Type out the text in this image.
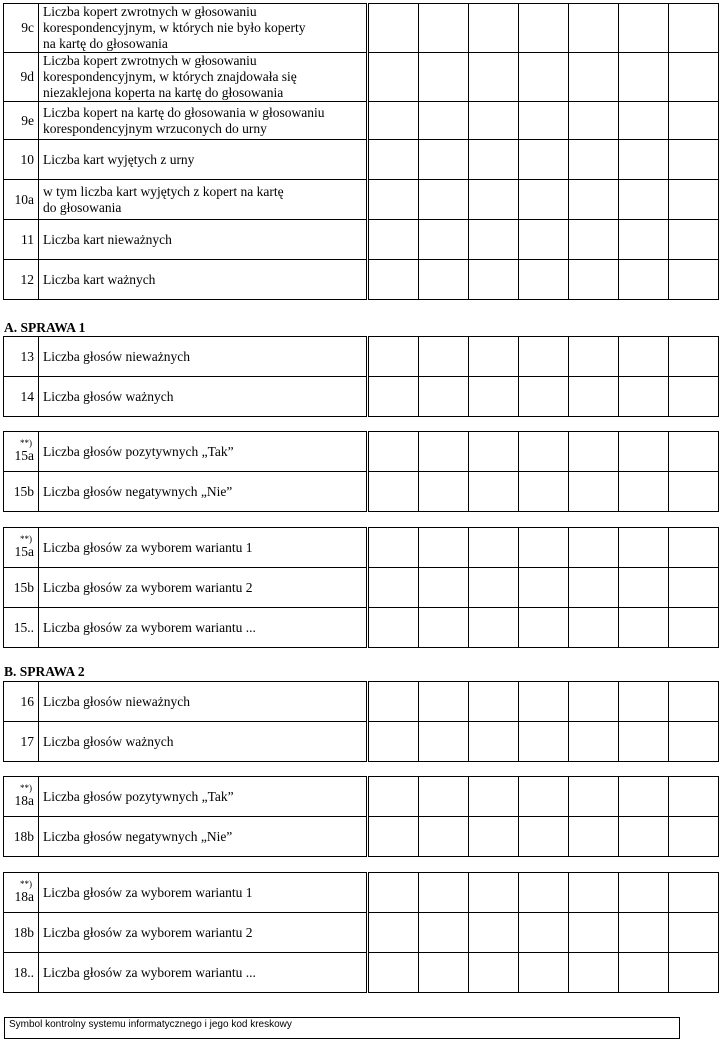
9c	Liczba kopert zwrotnych w głosowaniu
korespondencyjnym, w których nie było koperty
na kartę do głosowania								

9d	Liczba kopert zwrotnych w głosowaniu
korespondencyjnym, w których znajdowała się
niezaklejona koperta na kartę do głosowania								

9e	Liczba kopert na kartę do głosowania w głosowaniu
korespondencyjnym wrzuconych do urny								

10	Liczba kart wyjętych z urny								

10a	w tym liczba kart wyjętych z kopert na kartę
do głosowania								

11	Liczba kart nieważnych								

12	Liczba kart ważnych								
13	Liczba głosów nieważnych								

14	Liczba głosów ważnych								
**)
15a	Liczba głosów pozytywnych „Tak”								

15b	Liczba głosów negatywnych „Nie”								
**)
15a	Liczba głosów za wyborem wariantu 1								

15b	Liczba głosów za wyborem wariantu 2								

15..	Liczba głosów za wyborem wariantu ...								
16	Liczba głosów nieważnych								

17	Liczba głosów ważnych								
**)
18a	Liczba głosów pozytywnych „Tak”								

18b	Liczba głosów negatywnych „Nie”								
**)
18a	Liczba głosów za wyborem wariantu 1								

18b	Liczba głosów za wyborem wariantu 2								

18..	Liczba głosów za wyborem wariantu ...								
A. SPRAWA 1
B. SPRAWA 2
Symbol kontrolny systemu informatycznego i jego kod kreskowy
